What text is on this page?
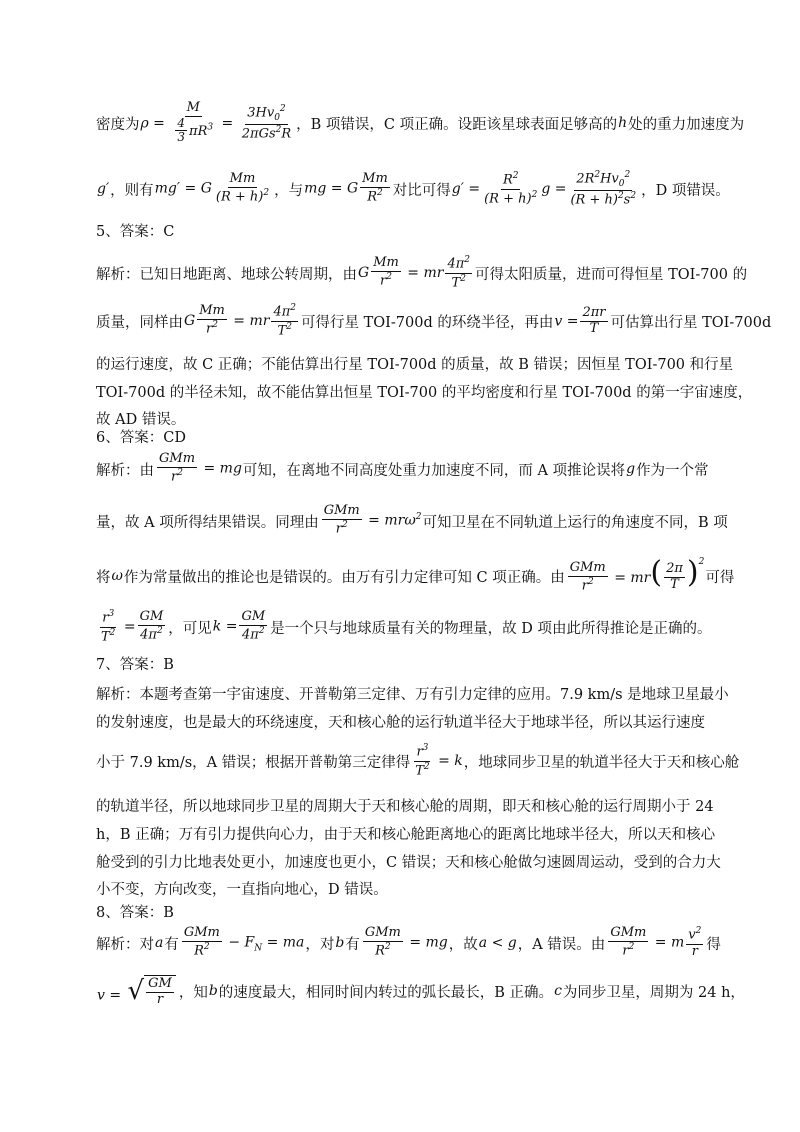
密度为 $\rho = \frac{M}{\frac{4}{3} \pi R^3} = \frac{3Hv_0^2}{2\pi Gs^2R}$ ，B 项错误，C 项正确。设距该星球表面足够高的 h 处的重力加速度为
g′ ，则有 mg′ = G $\frac{Mm}{(R + h)^2}$ ，与 mg = G $\frac{Mm}{R^2}$ 对比可得 $g' = \frac{R^2}{(R + h)^2}$ $g = \frac{2R^2Hv_0^2}{(R + h)^2s^2}$ ，D 项错误。
5、答案：C
解析：已知日地距离、地球公转周期，由 G $\frac{Mm}{r^2}$ = mr $\frac{4\pi^2}{T^2}$ 可得太阳质量，进而可得恒星 TOI-700 的
质量，同样由 G $\frac{Mm}{r^2}$ = mr $\frac{4\pi^2}{T^2}$ 可得行星 TOI-700d 的环绕半径，再由 $v = \frac{2\pi r}{T}$ 可估算出行星 TOI-700d
的运行速度，故 C 正确；不能估算出行星 TOI-700d 的质量，故 B 错误；因恒星 TOI-700 和行星
TOI-700d 的半径未知，故不能估算出恒星 TOI-700 的平均密度和行星 TOI-700d 的第一宇宙速度，
故 AD 错误。
6、答案：CD
解析：由 $\frac{\text{GMm}}{r^2}$ = mg 可知，在离地不同高度处重力加速度不同，而 A 项推论误将 g 作为一个常
量，故 A 项所得结果错误。同理由 $\frac{\text{GMm}}{r^2} = mr\omega^2$ 可知卫星在不同轨道上运行的角速度不同，B 项
将 ω 作为常量做出的推论也是错误的。由万有引力定律可知 C 项正确。由 $\frac{\text{GMm}}{r^2} = mr( \frac{2\pi}{T} )^2$
可得
$\frac{r^3}{T^2} = \frac{GM}{4\pi^2}$ ，可见 $k = \frac{GM}{4\pi^2}$ 是一个只与地球质量有关的物理量，故 D 项由此所得推论是正确的。
7、答案：B
解析：本题考查第一宇宙速度、开普勒第三定律、万有引力定律的应用。7.9 km/s 是地球卫星最小
的发射速度，也是最大的环绕速度，天和核心舱的运行轨道半径大于地球半径，所以其运行速度
小于 7.9 km/s，A 错误；根据开普勒第三定律得 $\frac{r^3}{T^2} = k$ ，地球同步卫星的轨道半径大于天和核心舱
的轨道半径，所以地球同步卫星的周期大于天和核心舱的周期，即天和核心舱的运行周期小于 24
h，B 正确；万有引力提供向心力，由于天和核心舱距离地心的距离比地球半径大，所以天和核心
舱受到的引力比地表处更小，加速度也更小，C 错误；天和核心舱做匀速圆周运动，受到的合力大
小不变，方向改变，一直指向地心，D 错误。
8、答案：B
解析：对 a 有 $\frac{\text{GMm}}{R^2} - F_N$ = ma ，对 b 有 $\frac{\text{GMm}}{R^2}$ = mg ，故 a < g ，A 错误。由 $\frac{\text{GMm}}{r^2} = m \frac{v^2}{r}$ 得
v = √ $\frac{GM}{r}$ ，知 b 的速度最大，相同时间内转过的弧长最长，B 正确。 c 为同步卫星，周期为 24 h，
